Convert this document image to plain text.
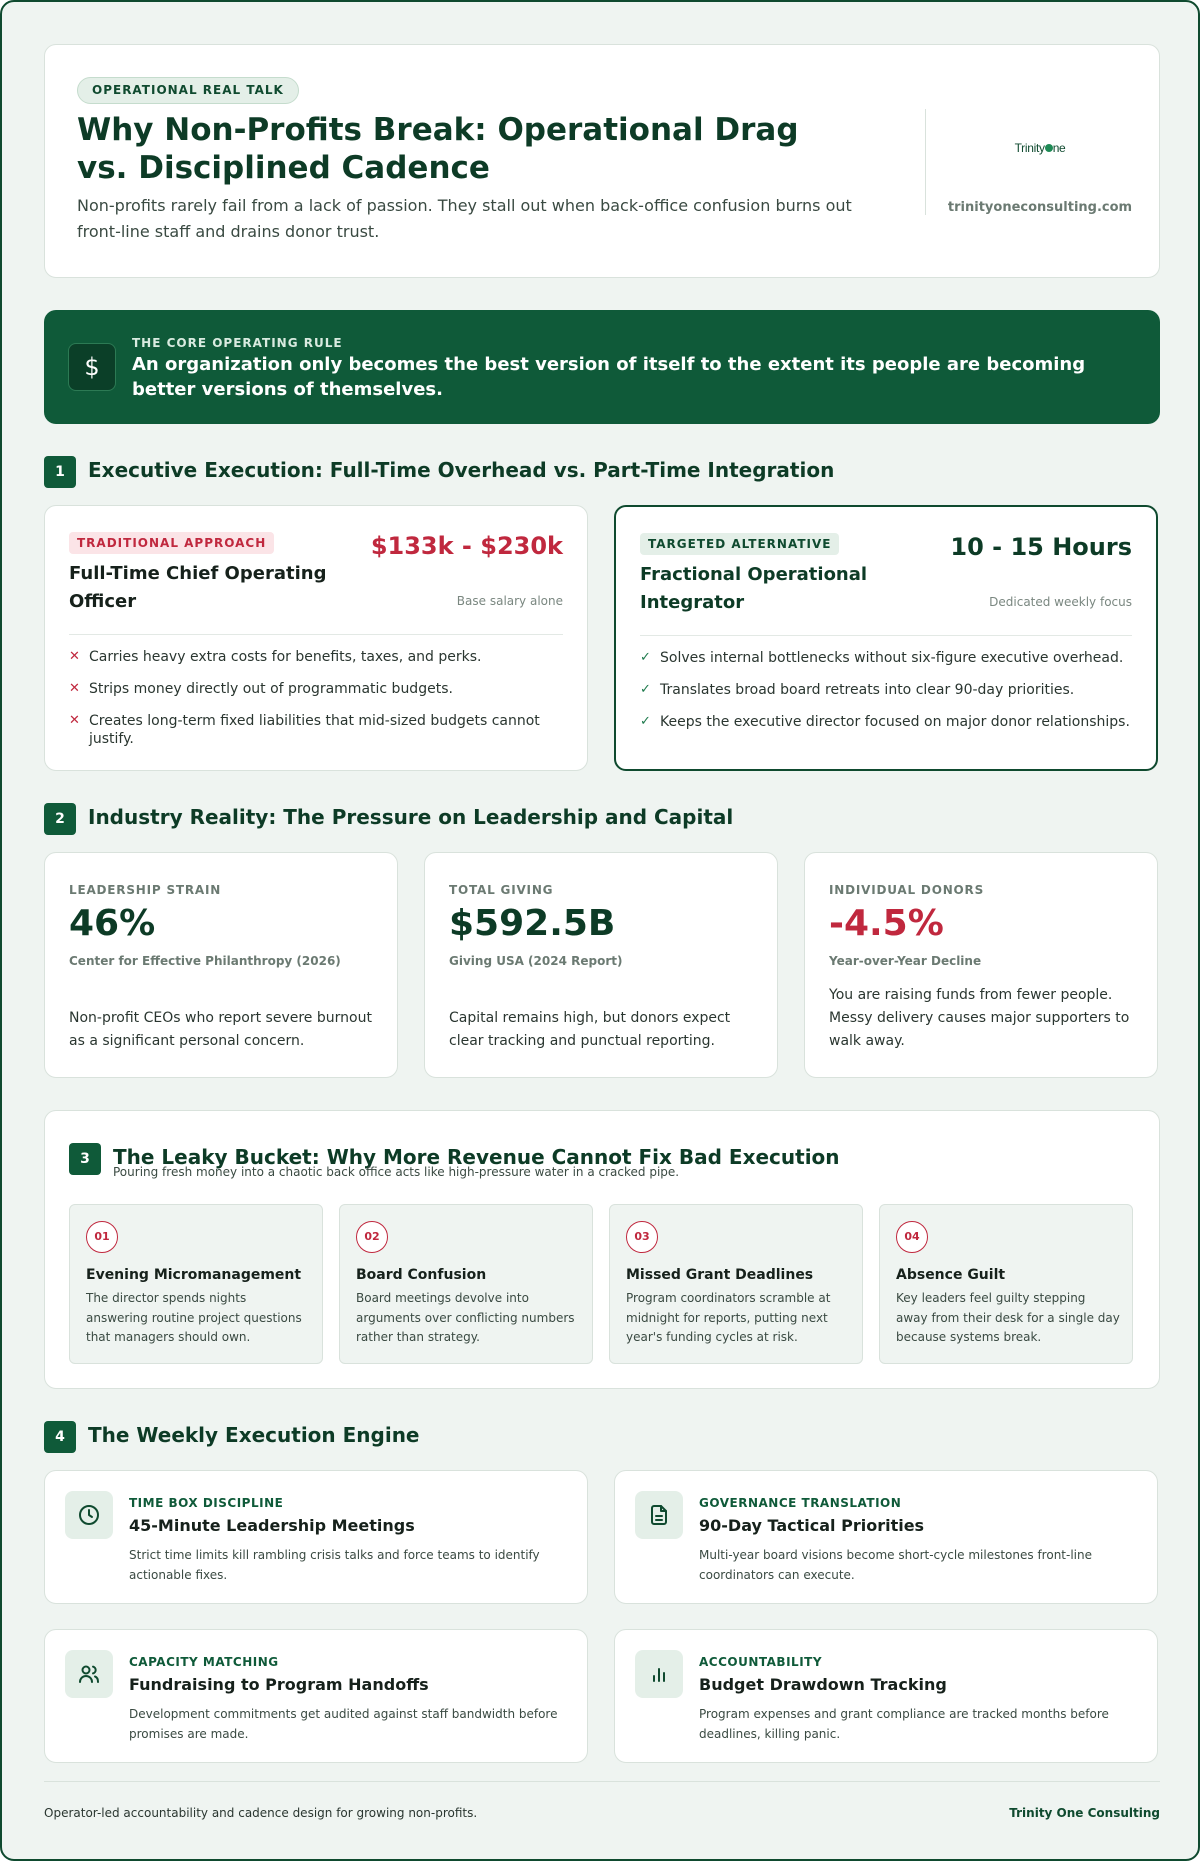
OPERATIONAL REAL TALK
Why Non-Profits Break: Operational Drag vs. Disciplined Cadence
Non-profits rarely fail from a lack of passion. They stall out when back-office confusion burns out front-line staff and drains donor trust.
Trinity ne
trinityoneconsulting.com
$
THE CORE OPERATING RULE
An organization only becomes the best version of itself to the extent its people are becoming better versions of themselves.
1	Executive Execution: Full-Time Overhead vs. Part-Time Integration
TRADITIONAL APPROACH
Full-Time Chief Operating Officer
$133k - $230k
Base salary alone
✕ Carries heavy extra costs for benefits, taxes, and perks.
✕ Strips money directly out of programmatic budgets.
✕ Creates long-term fixed liabilities that mid-sized budgets cannot justify.
TARGETED ALTERNATIVE
Fractional Operational Integrator
10 - 15 Hours
Dedicated weekly focus
✓ Solves internal bottlenecks without six-figure executive overhead.
✓ Translates broad board retreats into clear 90-day priorities.
✓ Keeps the executive director focused on major donor relationships.
2	Industry Reality: The Pressure on Leadership and Capital
LEADERSHIP STRAIN
46%
Center for Effective Philanthropy (2026)
Non-profit CEOs who report severe burnout as a significant personal concern.
TOTAL GIVING
$592.5B
Giving USA (2024 Report)
Capital remains high, but donors expect clear tracking and punctual reporting.
INDIVIDUAL DONORS
-4.5%
Year-over-Year Decline
You are raising funds from fewer people. Messy delivery causes major supporters to walk away.
3	The Leaky Bucket: Why More Revenue Cannot Fix Bad Execution
Pouring fresh money into a chaotic back office acts like high-pressure water in a cracked pipe.
01
Evening Micromanagement
The director spends nights answering routine project questions that managers should own.
02
Board Confusion
Board meetings devolve into arguments over conflicting numbers rather than strategy.
03
Missed Grant Deadlines
Program coordinators scramble at midnight for reports, putting next year's funding cycles at risk.
04
Absence Guilt
Key leaders feel guilty stepping away from their desk for a single day because systems break.
4	The Weekly Execution Engine
TIME BOX DISCIPLINE
45-Minute Leadership Meetings
Strict time limits kill rambling crisis talks and force teams to identify actionable fixes.
GOVERNANCE TRANSLATION
90-Day Tactical Priorities
Multi-year board visions become short-cycle milestones front-line coordinators can execute.
CAPACITY MATCHING
Fundraising to Program Handoffs
Development commitments get audited against staff bandwidth before promises are made.
ACCOUNTABILITY
Budget Drawdown Tracking
Program expenses and grant compliance are tracked months before deadlines, killing panic.
Operator-led accountability and cadence design for growing non-profits.	Trinity One Consulting
